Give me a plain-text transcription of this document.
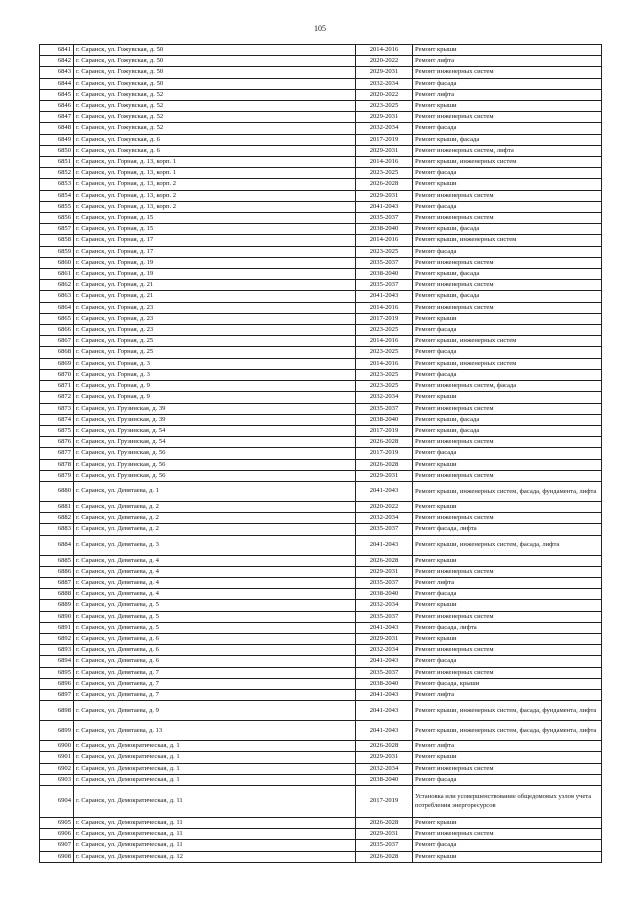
105
6841	г. Саранск, ул. Гожувская, д. 50	2014-2016	Ремонт крыши
6842	г. Саранск, ул. Гожувская, д. 50	2020-2022	Ремонт лифта
6843	г. Саранск, ул. Гожувская, д. 50	2029-2031	Ремонт инженерных систем
6844	г. Саранск, ул. Гожувская, д. 50	2032-2034	Ремонт фасада
6845	г. Саранск, ул. Гожувская, д. 52	2020-2022	Ремонт лифта
6846	г. Саранск, ул. Гожувская, д. 52	2023-2025	Ремонт крыши
6847	г. Саранск, ул. Гожувская, д. 52	2029-2031	Ремонт инженерных систем
6848	г. Саранск, ул. Гожувская, д. 52	2032-2034	Ремонт фасада
6849	г. Саранск, ул. Гожувская, д. 6	2017-2019	Ремонт крыши, фасада
6850	г. Саранск, ул. Гожувская, д. 6	2029-2031	Ремонт инженерных систем, лифта
6851	г. Саранск, ул. Горная, д. 13, корп. 1	2014-2016	Ремонт крыши, инженерных систем
6852	г. Саранск, ул. Горная, д. 13, корп. 1	2023-2025	Ремонт фасада
6853	г. Саранск, ул. Горная, д. 13, корп. 2	2026-2028	Ремонт крыши
6854	г. Саранск, ул. Горная, д. 13, корп. 2	2029-2031	Ремонт инженерных систем
6855	г. Саранск, ул. Горная, д. 13, корп. 2	2041-2043	Ремонт фасада
6856	г. Саранск, ул. Горная, д. 15	2035-2037	Ремонт инженерных систем
6857	г. Саранск, ул. Горная, д. 15	2038-2040	Ремонт крыши, фасада
6858	г. Саранск, ул. Горная, д. 17	2014-2016	Ремонт крыши, инженерных систем
6859	г. Саранск, ул. Горная, д. 17	2023-2025	Ремонт фасада
6860	г. Саранск, ул. Горная, д. 19	2035-2037	Ремонт инженерных систем
6861	г. Саранск, ул. Горная, д. 19	2038-2040	Ремонт крыши, фасада
6862	г. Саранск, ул. Горная, д. 21	2035-2037	Ремонт инженерных систем
6863	г. Саранск, ул. Горная, д. 21	2041-2043	Ремонт крыши, фасада
6864	г. Саранск, ул. Горная, д. 23	2014-2016	Ремонт инженерных систем
6865	г. Саранск, ул. Горная, д. 23	2017-2019	Ремонт крыши
6866	г. Саранск, ул. Горная, д. 23	2023-2025	Ремонт фасада
6867	г. Саранск, ул. Горная, д. 25	2014-2016	Ремонт крыши, инженерных систем
6868	г. Саранск, ул. Горная, д. 25	2023-2025	Ремонт фасада
6869	г. Саранск, ул. Горная, д. 3	2014-2016	Ремонт крыши, инженерных систем
6870	г. Саранск, ул. Горная, д. 3	2023-2025	Ремонт фасада
6871	г. Саранск, ул. Горная, д. 9	2023-2025	Ремонт инженерных систем, фасада
6872	г. Саранск, ул. Горная, д. 9	2032-2034	Ремонт крыши
6873	г. Саранск, ул. Грузинская, д. 39	2035-2037	Ремонт инженерных систем
6874	г. Саранск, ул. Грузинская, д. 39	2038-2040	Ремонт крыши, фасада
6875	г. Саранск, ул. Грузинская, д. 54	2017-2019	Ремонт крыши, фасада
6876	г. Саранск, ул. Грузинская, д. 54	2026-2028	Ремонт инженерных систем
6877	г. Саранск, ул. Грузинская, д. 56	2017-2019	Ремонт фасада
6878	г. Саранск, ул. Грузинская, д. 56	2026-2028	Ремонт крыши
6879	г. Саранск, ул. Грузинская, д. 56	2029-2031	Ремонт инженерных систем
6880	г. Саранск, ул. Девятаева, д. 1	2041-2043	Ремонт крыши, инженерных систем, фасада, фундамента, лифта
6881	г. Саранск, ул. Девятаева, д. 2	2020-2022	Ремонт крыши
6882	г. Саранск, ул. Девятаева, д. 2	2032-2034	Ремонт инженерных систем
6883	г. Саранск, ул. Девятаева, д. 2	2035-2037	Ремонт фасада, лифта
6884	г. Саранск, ул. Девятаева, д. 3	2041-2043	Ремонт крыши, инженерных систем, фасада, лифта
6885	г. Саранск, ул. Девятаева, д. 4	2026-2028	Ремонт крыши
6886	г. Саранск, ул. Девятаева, д. 4	2029-2031	Ремонт инженерных систем
6887	г. Саранск, ул. Девятаева, д. 4	2035-2037	Ремонт лифта
6888	г. Саранск, ул. Девятаева, д. 4	2038-2040	Ремонт фасада
6889	г. Саранск, ул. Девятаева, д. 5	2032-2034	Ремонт крыши
6890	г. Саранск, ул. Девятаева, д. 5	2035-2037	Ремонт инженерных систем
6891	г. Саранск, ул. Девятаева, д. 5	2041-2043	Ремонт фасада, лифта
6892	г. Саранск, ул. Девятаева, д. 6	2029-2031	Ремонт крыши
6893	г. Саранск, ул. Девятаева, д. 6	2032-2034	Ремонт инженерных систем
6894	г. Саранск, ул. Девятаева, д. 6	2041-2043	Ремонт фасада
6895	г. Саранск, ул. Девятаева, д. 7	2035-2037	Ремонт инженерных систем
6896	г. Саранск, ул. Девятаева, д. 7	2038-2040	Ремонт фасада, крыши
6897	г. Саранск, ул. Девятаева, д. 7	2041-2043	Ремонт лифта
6898	г. Саранск, ул. Девятаева, д. 9	2041-2043	Ремонт крыши, инженерных систем, фасада, фундамента, лифта
6899	г. Саранск, ул. Девятаева, д. 13	2041-2043	Ремонт крыши, инженерных систем, фасада, фундамента, лифта
6900	г. Саранск, ул. Демократическая, д. 1	2026-2028	Ремонт лифта
6901	г. Саранск, ул. Демократическая, д. 1	2029-2031	Ремонт крыши
6902	г. Саранск, ул. Демократическая, д. 1	2032-2034	Ремонт инженерных систем
6903	г. Саранск, ул. Демократическая, д. 1	2038-2040	Ремонт фасада
6904	г. Саранск, ул. Демократическая, д. 11	2017-2019	Установка или усовершенствование общедомовых узлов учета потребления энергоресурсов
6905	г. Саранск, ул. Демократическая, д. 11	2026-2028	Ремонт крыши
6906	г. Саранск, ул. Демократическая, д. 11	2029-2031	Ремонт инженерных систем
6907	г. Саранск, ул. Демократическая, д. 11	2035-2037	Ремонт фасада
6908	г. Саранск, ул. Демократическая, д. 12	2026-2028	Ремонт крыши
